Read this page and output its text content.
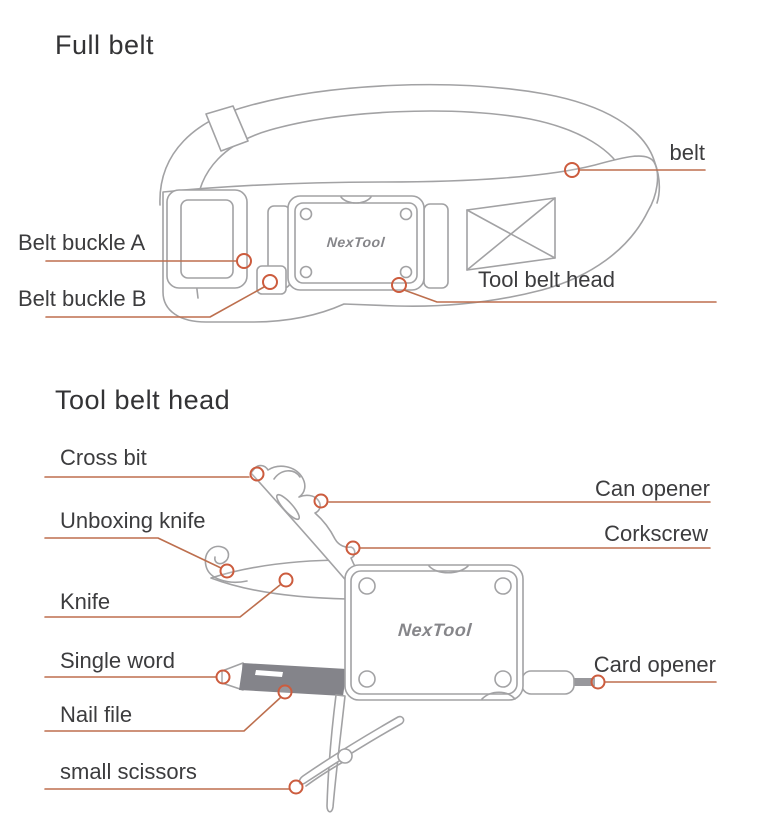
Full belt
NexTool
belt
Belt buckle A
Belt buckle B
Tool belt head
Tool belt head
NexTool
Cross bit
Unboxing knife
Knife
Single word
Nail file
small scissors
Can opener
Corkscrew
Card opener
